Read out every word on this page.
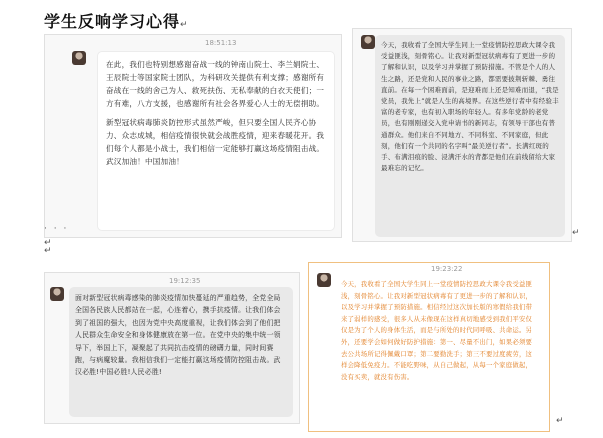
学生反响学习心得↵
18:51:13

在此，我们也特别想感谢奋战一线的钟南山院士、李兰娟院士、王辰院士等国家院士团队，为科研攻关提供有利支撑；感谢所有奋战在一线的舍己为人、救死扶伤、无私奉献的白衣天使们；一方有难，八方支援，也感谢所有社会各界爱心人士的无偿捐助。

新型冠状病毒肺炎防控形式虽然严峻，但只要全国人民齐心协力、众志成城，相信疫情很快就会战胜疫情，迎来春暖花开。我们每个人都是小战士，我们相信一定能够打赢这场疫情阻击战。武汉加油！中国加油！

· · ·
↵

今天，我收看了全国大学生同上一堂疫情防控思政大课令我受益匪浅，刻骨铭心。让我对新型冠状病毒有了更进一步的了解和认识，以及学习并掌握了预防措施。不管是个人的人生之路，还是党和人民的事业之路，都需要披荆斩棘、勇往直前。在每一个困难面前，是迎难而上还是知难而退，“我是党员，我先上”就是人生的高境界。在这些逆行者中有经验丰富的老专家，也有初入职场的年轻人。有多年党龄的老党员，也有刚刚递交入党申请书的新同志，有领导干部也有普通群众。他们来自不同地方、不同科室、不同家庭，但此刻，他们有一个共同的名字叫“最美逆行者”。长满红斑的手、布满泪痕的脸、浸满汗水的背都是他们在前线留给大家最难忘的记忆。

↵
19:12:35

面对新型冠状病毒感染的肺炎疫情加快蔓延的严重趋势，全党全局全国各民族人民都站在一起，心连着心，携手抗疫情。让我们体会到了祖国的强大，也因为党中央高度重视，让我们体会到了他们把人民群众生命安全和身体健康放在第一位。在党中央的集中统一领导下，举国上下，凝聚起了共同抗击疫情的磅礴力量，同时间赛跑，与病魔较量。我相信我们一定能打赢这场疫情防控阻击战。武汉必胜!中国必胜!人民必胜!

↵
19:23:22

今天，我收看了全国大学生同上一堂疫情防控思政大课令我受益匪浅，刻骨铭心。让我对新型冠状病毒有了更进一步的了解和认识，以及学习并掌握了预防措施。相信经过这次加长版的寒假给我们带来了弱样的感受，很多人从未像现在这样真切地感受到我们平安仅仅是为了个人的身体生活，而是与所处的时代同呼吸、共命运。另外，还要学会如何做好防护措施：第一、尽量不出门，如果必须要去公共场所记得佩戴口罩；第二要勤洗手；第三不要过度疲劳，这样会降低免疫力。不能吃野味，从自己做起，从每一个家庭做起，没有买卖，就没有伤害。

↵
